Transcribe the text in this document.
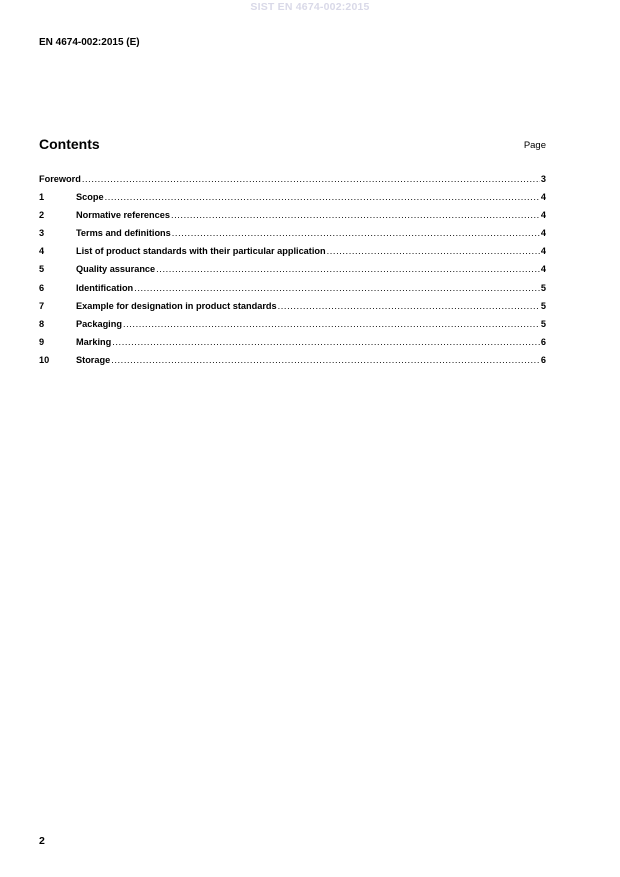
SIST EN 4674-002:2015
EN 4674-002:2015 (E)
Contents	Page
Foreword .....	3
1	Scope .....	4
2	Normative references .....	4
3	Terms and definitions .....	4
4	List of product standards with their particular application .....	4
5	Quality assurance .....	4
6	Identification .....	5
7	Example for designation in product standards .....	5
8	Packaging .....	5
9	Marking .....	6
10	Storage .....	6
2
